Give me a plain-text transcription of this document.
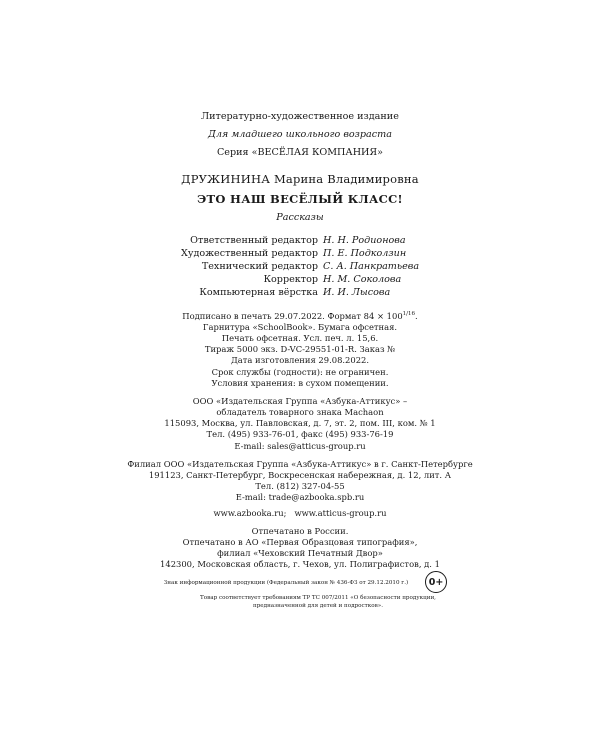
Литературно-художественное издание
Для младшего школьного возраста
Серия «ВЕСЁЛАЯ КОМПАНИЯ»
ДРУЖИНИНА Марина Владимировна
ЭТО НАШ ВЕСЁЛЫЙ КЛАСС!
Рассказы
Ответственный редактор Н. Н. Родионова
Художественный редактор П. Е. Подколзин
Технический редактор С. А. Панкратьева
Корректор Н. М. Соколова
Компьютерная вёрстка И. И. Лысова
Подписано в печать 29.07.2022. Формат $84 \times 100^{1/16}$.
Гарнитура «SchoolBook». Бумага офсетная.
Печать офсетная. Усл. печ. л. 15,6.
Тираж 5000 экз. D-VC-29551-01-R. Заказ №
Дата изготовления 29.08.2022.
Срок службы (годности): не ограничен.
Условия хранения: в сухом помещении.
ООО «Издательская Группа «Азбука-Аттикус» –
обладатель товарного знака Machaon
115093, Москва, ул. Павловская, д. 7, эт. 2, пом. III, ком. № 1
Тел. (495) 933-76-01, факс (495) 933-76-19
E-mail: sales@atticus-group.ru
Филиал ООО «Издательская Группа «Азбука-Аттикус» в г. Санкт-Петербурге
191123, Санкт-Петербург, Воскресенская набережная, д. 12, лит. А
Тел. (812) 327-04-55
E-mail: trade@azbooka.spb.ru
www.azbooka.ru;   www.atticus-group.ru
Отпечатано в России.
Отпечатано в АО «Первая Образцовая типография»,
филиал «Чеховский Печатный Двор»
142300, Московская область, г. Чехов, ул. Полиграфистов, д. 1
Знак информационной продукции (Федеральный закон № 436-ФЗ от 29.12.2010 г.)	0+
Товар соответствует требованиям ТР ТС 007/2011 «О безопасности продукции,
предназначенной для детей и подростков».
